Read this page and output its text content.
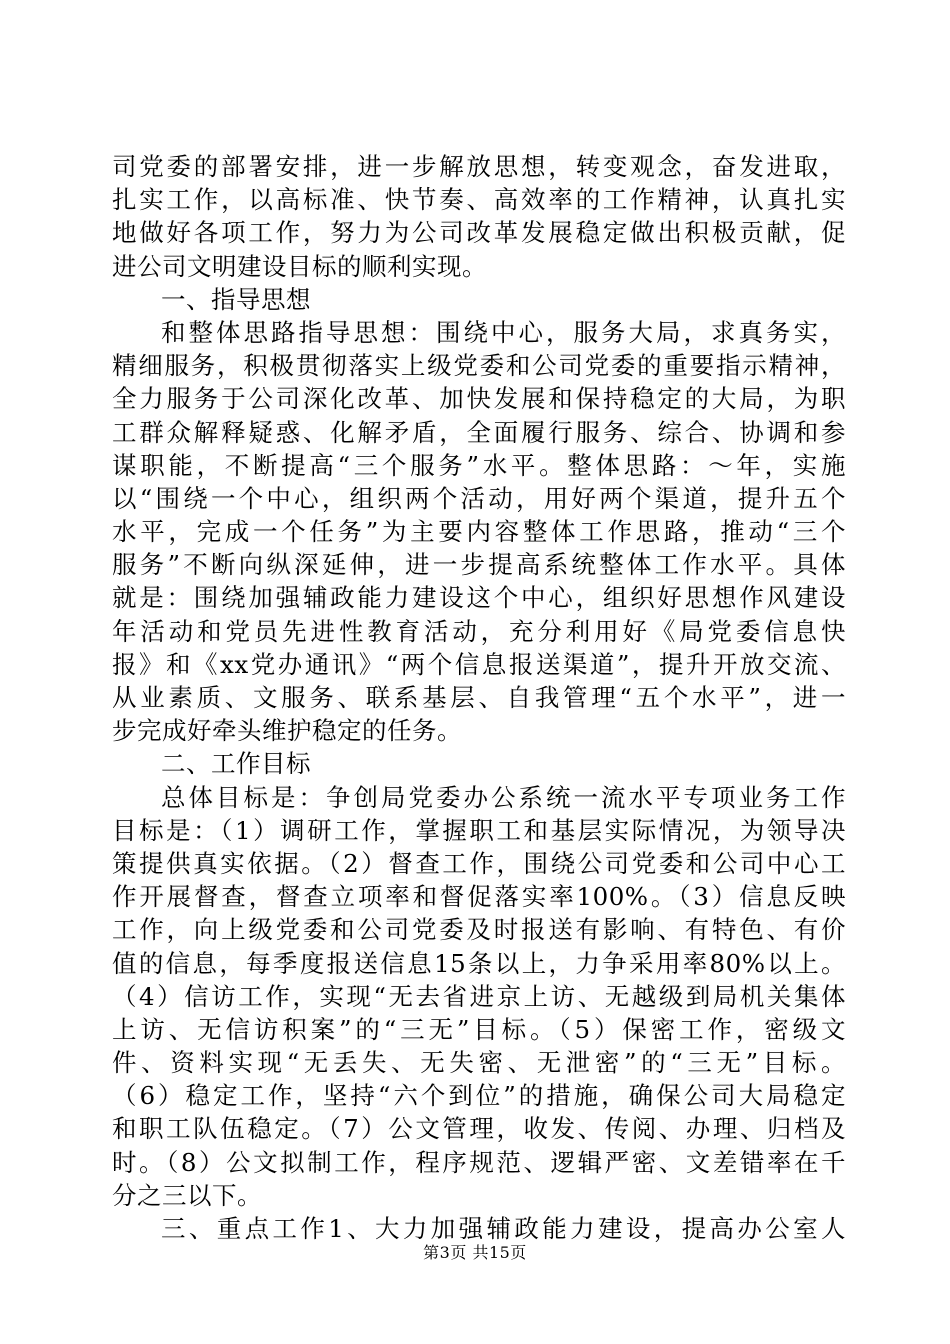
司党委的部署安排，进一步解放思想，转变观念，奋发进取，
扎实工作，以高标准、快节奏、高效率的工作精神，认真扎实
地做好各项工作，努力为公司改革发展稳定做出积极贡献，促
进公司文明建设目标的顺利实现。
一、指导思想
和整体思路指导思想：围绕中心，服务大局，求真务实，
精细服务，积极贯彻落实上级党委和公司党委的重要指示精神，
全力服务于公司深化改革、加快发展和保持稳定的大局，为职
工群众解释疑惑、化解矛盾，全面履行服务、综合、协调和参
谋职能，不断提高“三个服务”水平。整体思路：～年，实施
以“围绕一个中心，组织两个活动，用好两个渠道，提升五个
水平，完成一个任务”为主要内容整体工作思路，推动“三个
服务”不断向纵深延伸，进一步提高系统整体工作水平。具体
就是：围绕加强辅政能力建设这个中心，组织好思想作风建设
年活动和党员先进性教育活动，充分利用好《局党委信息快
报》和《xx党办通讯》“两个信息报送渠道”，提升开放交流、
从业素质、文服务、联系基层、自我管理“五个水平”，进一
步完成好牵头维护稳定的任务。
二、工作目标
总体目标是：争创局党委办公系统一流水平专项业务工作
目标是：（1）调研工作，掌握职工和基层实际情况，为领导决
策提供真实依据。（2）督查工作，围绕公司党委和公司中心工
作开展督查，督查立项率和督促落实率100%。（3）信息反映
工作，向上级党委和公司党委及时报送有影响、有特色、有价
值的信息，每季度报送信息15条以上，力争采用率80%以上。
（4）信访工作，实现“无去省进京上访、无越级到局机关集体
上访、无信访积案”的“三无”目标。（5）保密工作，密级文
件、资料实现“无丢失、无失密、无泄密”的“三无”目标。
（6）稳定工作，坚持“六个到位”的措施，确保公司大局稳定
和职工队伍稳定。（7）公文管理，收发、传阅、办理、归档及
时。（8）公文拟制工作，程序规范、逻辑严密、文差错率在千
分之三以下。
三、重点工作1、大力加强辅政能力建设，提高办公室人
第3页 共15页
